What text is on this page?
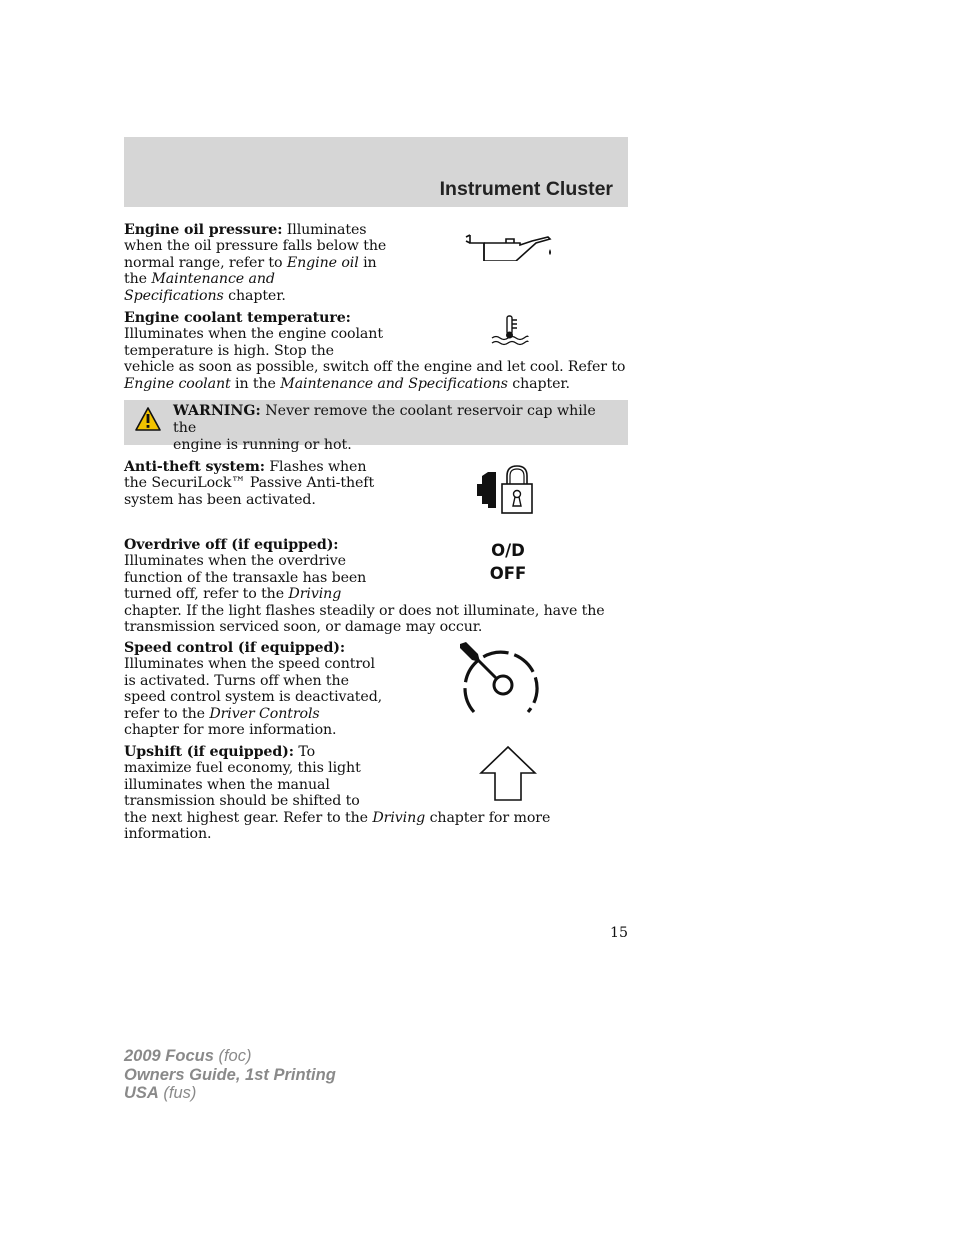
Instrument Cluster

Engine oil pressure: Illuminates
when the oil pressure falls below the
normal range, refer to Engine oil in
the Maintenance and
Specifications chapter.

Engine coolant temperature:
Illuminates when the engine coolant
temperature is high. Stop the
vehicle as soon as possible, switch off the engine and let cool. Refer to
Engine coolant in the Maintenance and Specifications chapter.

WARNING: Never remove the coolant reservoir cap while the
engine is running or hot.

Anti-theft system: Flashes when
the SecuriLock™ Passive Anti-theft
system has been activated.

Overdrive off (if equipped):
Illuminates when the overdrive
function of the transaxle has been
turned off, refer to the Driving
chapter. If the light flashes steadily or does not illuminate, have the
transmission serviced soon, or damage may occur.

O/D
OFF

Speed control (if equipped):
Illuminates when the speed control
is activated. Turns off when the
speed control system is deactivated,
refer to the Driver Controls
chapter for more information.

Upshift (if equipped): To
maximize fuel economy, this light
illuminates when the manual
transmission should be shifted to
the next highest gear. Refer to the Driving chapter for more
information.

15

2009 Focus (foc)
Owners Guide, 1st Printing
USA (fus)
